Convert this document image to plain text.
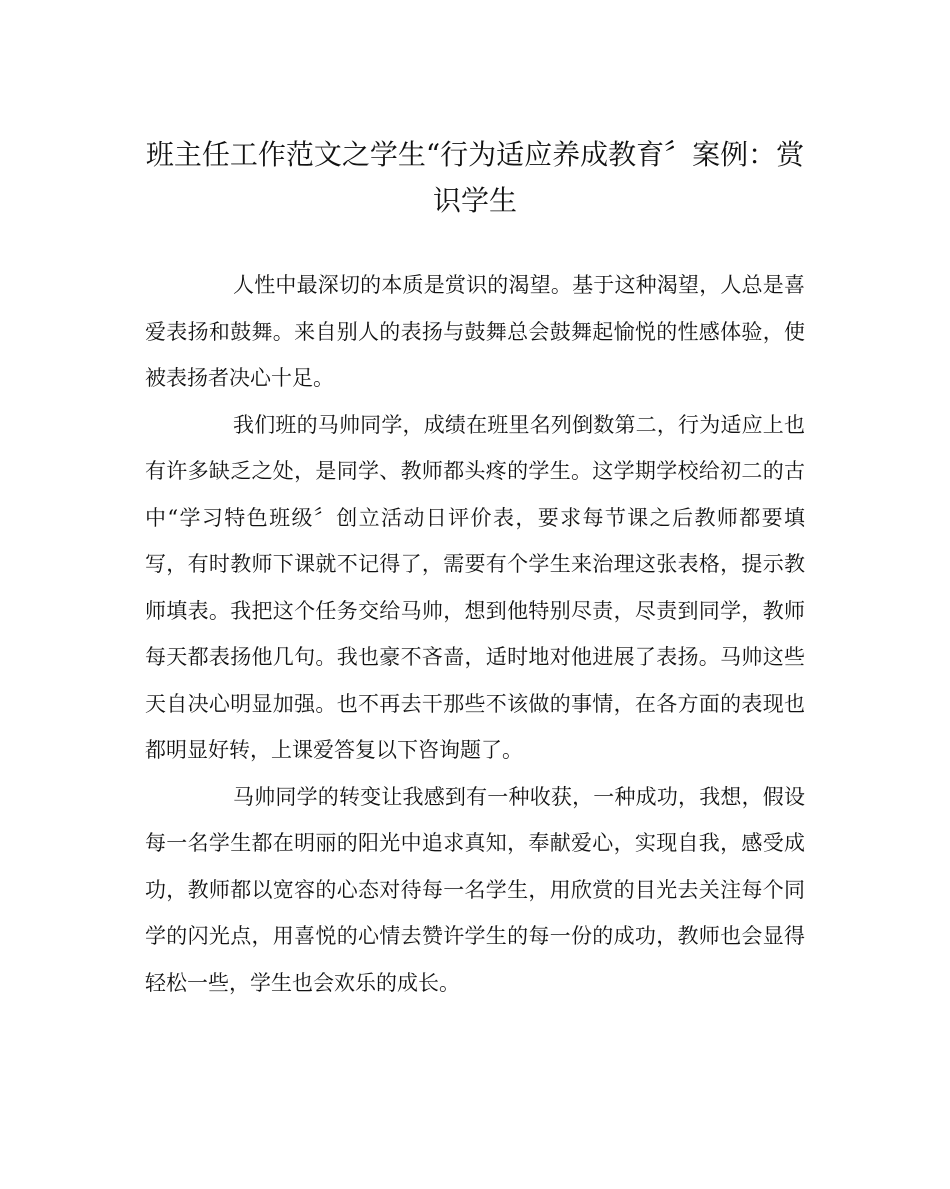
班主任工作范文之学生“行为适应养成教育〞案例：赏识学生

人性中最深切的本质是赏识的渴望。基于这种渴望，人总是喜爱表扬和鼓舞。来自别人的表扬与鼓舞总会鼓舞起愉悦的性感体验，使被表扬者决心十足。

我们班的马帅同学，成绩在班里名列倒数第二，行为适应上也有许多缺乏之处，是同学、教师都头疼的学生。这学期学校给初二的古中“学习特色班级〞创立活动日评价表，要求每节课之后教师都要填写，有时教师下课就不记得了，需要有个学生来治理这张表格，提示教师填表。我把这个任务交给马帅，想到他特别尽责，尽责到同学，教师每天都表扬他几句。我也豪不吝啬，适时地对他进展了表扬。马帅这些天自决心明显加强。也不再去干那些不该做的事情，在各方面的表现也都明显好转，上课爱答复以下咨询题了。

马帅同学的转变让我感到有一种收获，一种成功，我想，假设每一名学生都在明丽的阳光中追求真知，奉献爱心，实现自我，感受成功，教师都以宽容的心态对待每一名学生，用欣赏的目光去关注每个同学的闪光点，用喜悦的心情去赞许学生的每一份的成功，教师也会显得轻松一些，学生也会欢乐的成长。
